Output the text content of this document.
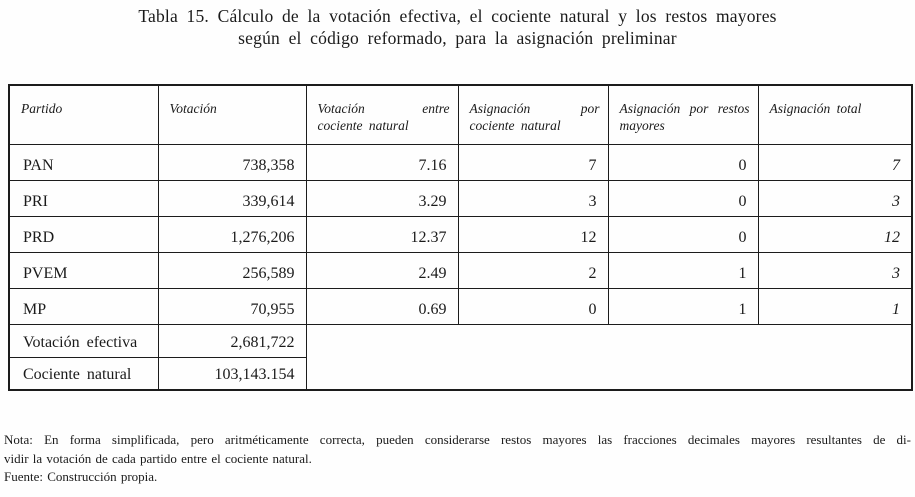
Tabla 15. Cálculo de la votación efectiva, el cociente natural y los restos mayores
según el código reformado, para la asignación preliminar
Partido	Votación	Votación entre cociente natural	Asignación por cociente natural	Asignación por restos mayores	Asignación total
PAN	738,358	7.16	7	0	7
PRI	339,614	3.29	3	0	3
PRD	1,276,206	12.37	12	0	12
PVEM	256,589	2.49	2	1	3
MP	70,955	0.69	0	1	1
Votación efectiva	2,681,722				
Cociente natural	103,143.154				
Nota: En forma simplificada, pero aritméticamente correcta, pueden considerarse restos mayores las fracciones decimales mayores resultantes de di-
vidir la votación de cada partido entre el cociente natural.
Fuente: Construcción propia.
